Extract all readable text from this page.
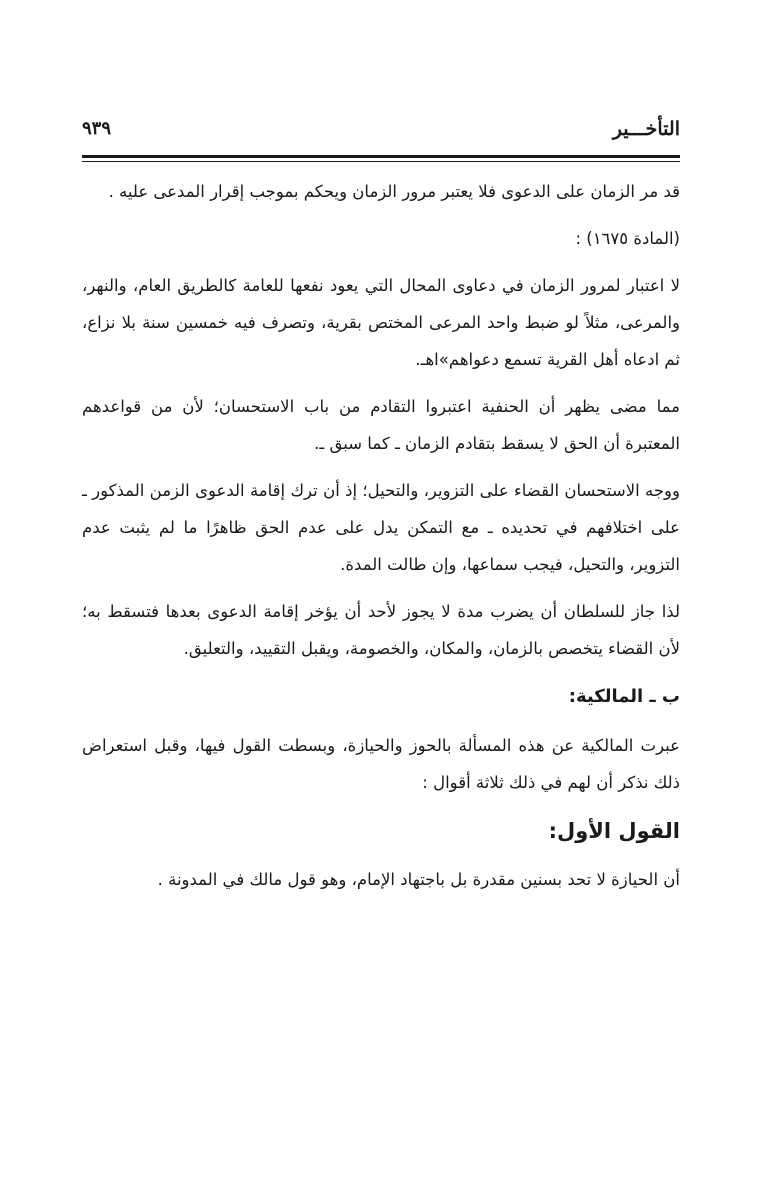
التأخـــير
٩٣٩

قد مر الزمان على الدعوى فلا يعتبر مرور الزمان ويحكم بموجب إقرار المدعى عليه .

(المادة ١٦٧٥) :

لا اعتبار لمرور الزمان في دعاوى المحال التي يعود نفعها للعامة كالطريق العام، والنهر، والمرعى، مثلاً لو ضبط واحد المرعى المختص بقرية، وتصرف فيه خمسين سنة بلا نزاع، ثم ادعاه أهل القرية تسمع دعواهم»اهـ.

مما مضى يظهر أن الحنفية اعتبروا التقادم من باب الاستحسان؛ لأن من قواعدهم المعتبرة أن الحق لا يسقط بتقادم الزمان ـ كما سبق ـ.

ووجه الاستحسان القضاء على التزوير، والتحيل؛ إذ أن ترك إقامة الدعوى الزمن المذكور ـ على اختلافهم في تحديده ـ مع التمكن يدل على عدم الحق ظاهرًا ما لم يثبت عدم التزوير، والتحيل، فيجب سماعها، وإن طالت المدة.

لذا جاز للسلطان أن يضرب مدة لا يجوز لأحد أن يؤخر إقامة الدعوى بعدها فتسقط به؛ لأن القضاء يتخصص بالزمان، والمكان، والخصومة، ويقبل التقييد، والتعليق.

ب ـ المالكية:

عبرت المالكية عن هذه المسألة بالحوز والحيازة، وبسطت القول فيها، وقبل استعراض ذلك نذكر أن لهم في ذلك ثلاثة أقوال :

القول الأول:

أن الحيازة لا تحد بسنين مقدرة بل باجتهاد الإمام، وهو قول مالك في المدونة .
